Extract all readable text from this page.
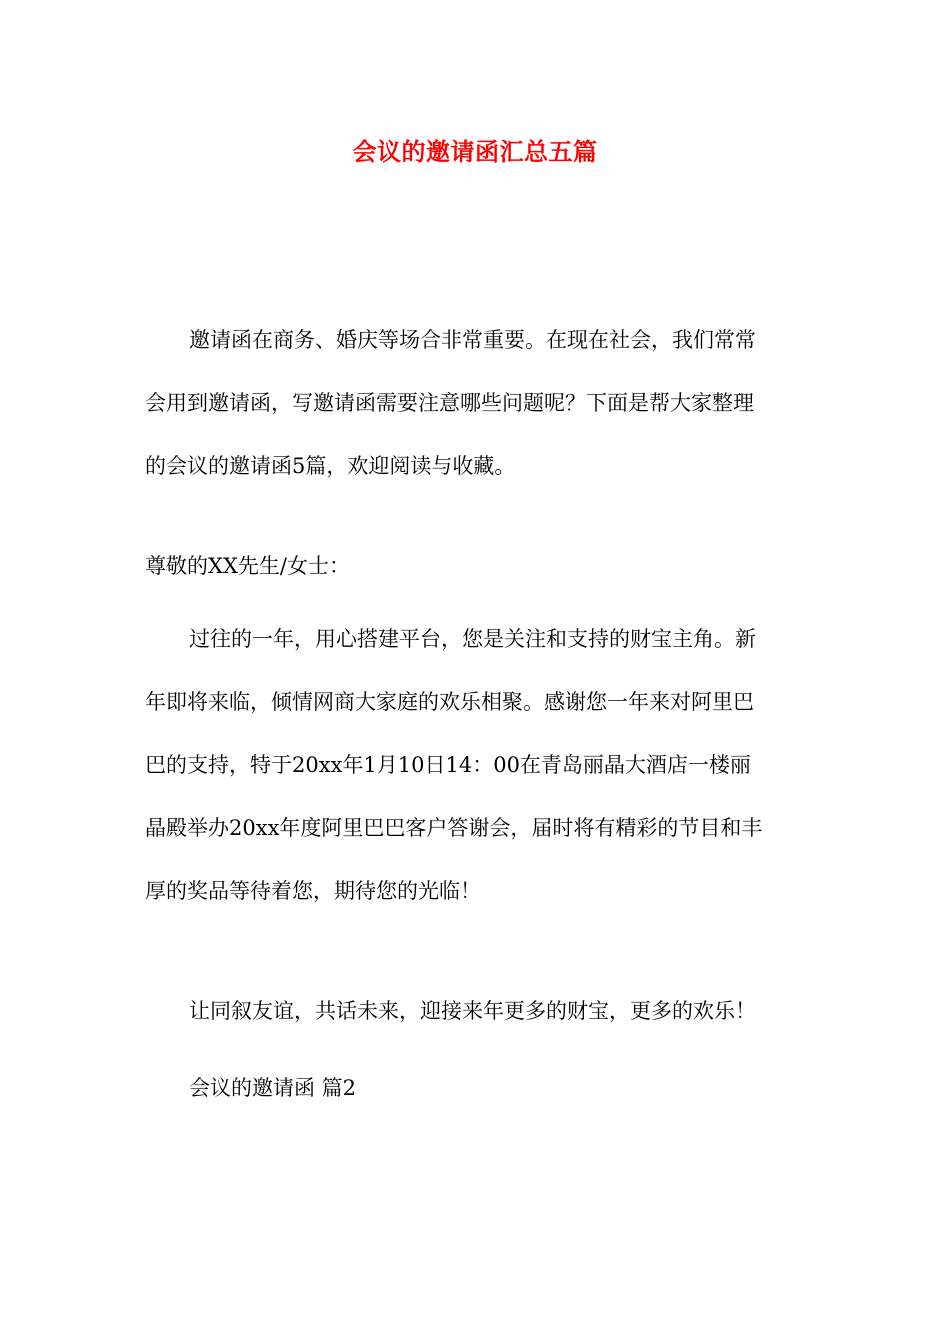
会议的邀请函汇总五篇
邀请函在商务、婚庆等场合非常重要。在现在社会，我们常常
会用到邀请函，写邀请函需要注意哪些问题呢？下面是帮大家整理
的会议的邀请函5篇，欢迎阅读与收藏。
尊敬的XX先生/女士：
过往的一年，用心搭建平台，您是关注和支持的财宝主角。新
年即将来临，倾情网商大家庭的欢乐相聚。感谢您一年来对阿里巴
巴的支持，特于20xx年1月10日14：00在青岛丽晶大酒店一楼丽
晶殿举办20xx年度阿里巴巴客户答谢会，届时将有精彩的节目和丰
厚的奖品等待着您，期待您的光临！
让同叙友谊，共话未来，迎接来年更多的财宝，更多的欢乐！
会议的邀请函 篇2
